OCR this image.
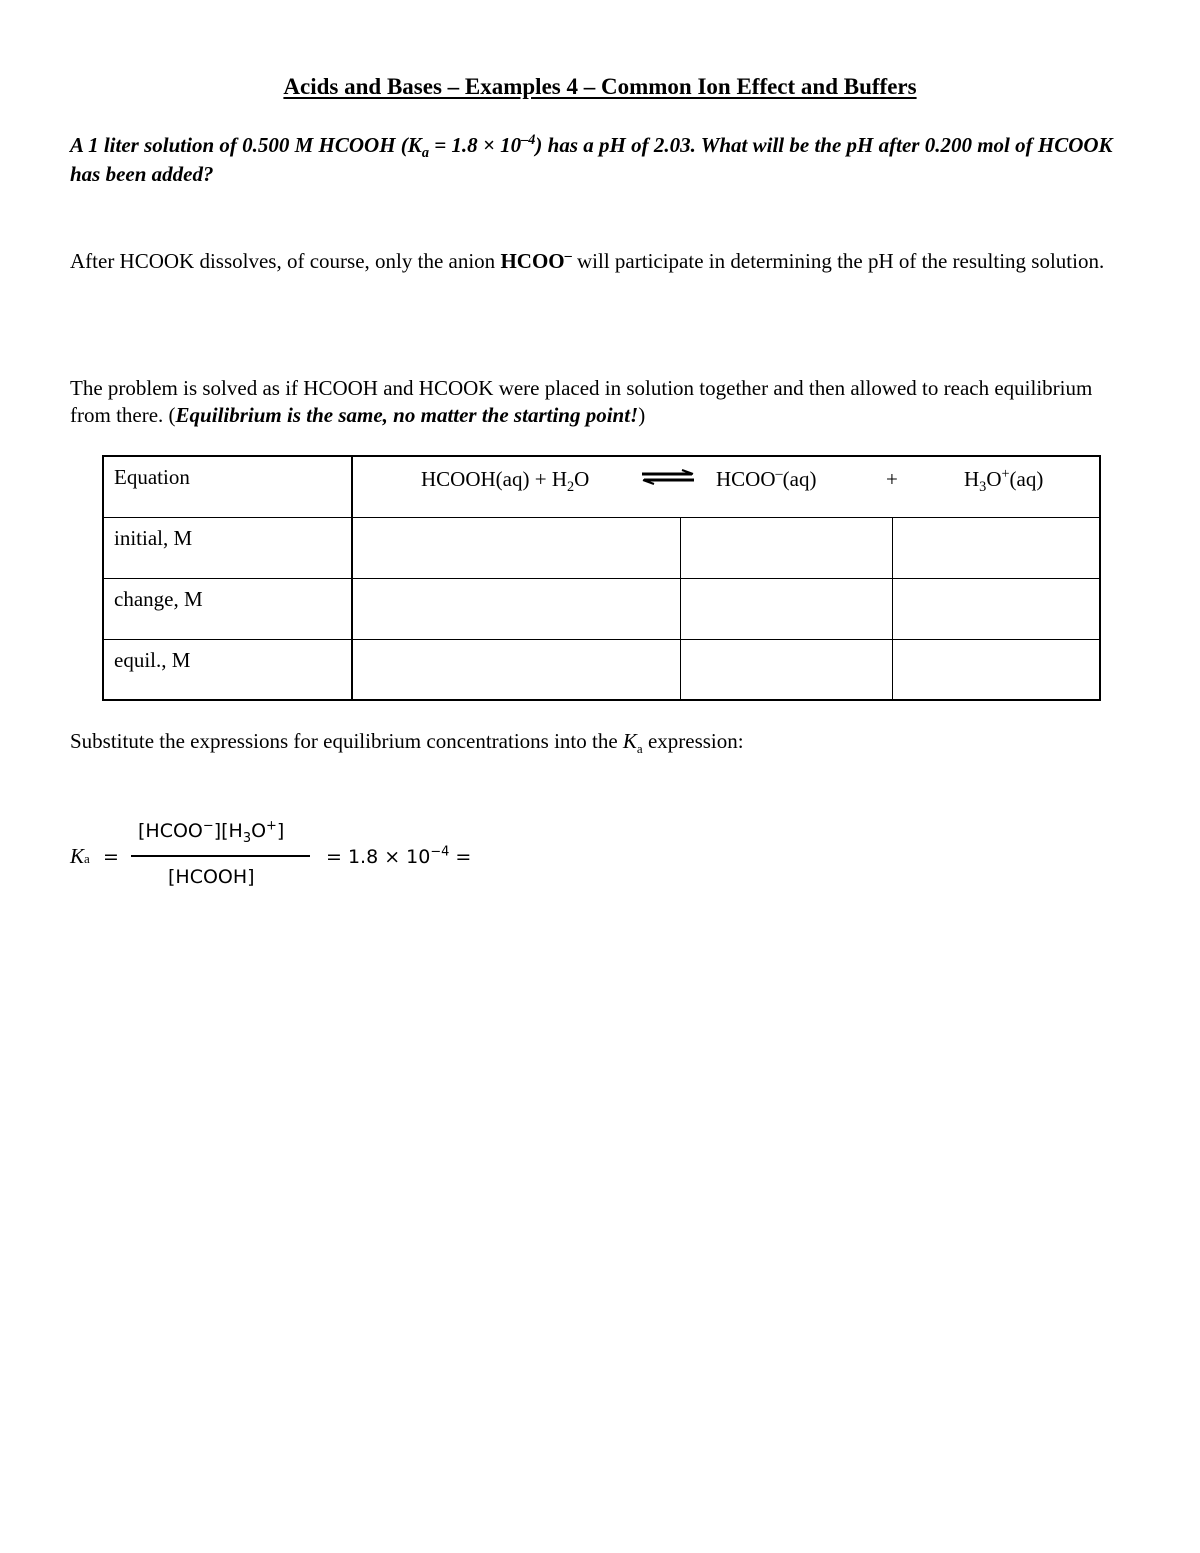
Acids and Bases – Examples 4 – Common Ion Effect and Buffers
A 1 liter solution of 0.500 M HCOOH $(K_a = 1.8 \times 10^{-4})$ has a pH of 2.03. What will be the pH after 0.200 mol of HCOOK has been added?
After HCOOK dissolves, of course, only the anion HCOO– will participate in determining the pH of the resulting solution.
The problem is solved as if HCOOH and HCOOK were placed in solution together and then allowed to reach equilibrium from there. (Equilibrium is the same, no matter the starting point!)
Equation	HCOOH(aq) + $H_2O$ ⇌ HCOO–(aq) + $H_3O^+(aq)$		

initial, M			
change, M			
equil., M			
Substitute the expressions for equilibrium concentrations into the $K_a$ expression:
Ka =
$[HCOO^-][H_3O^+]$
[HCOOH]
= $1.8 \times 10^{-4}$ =
